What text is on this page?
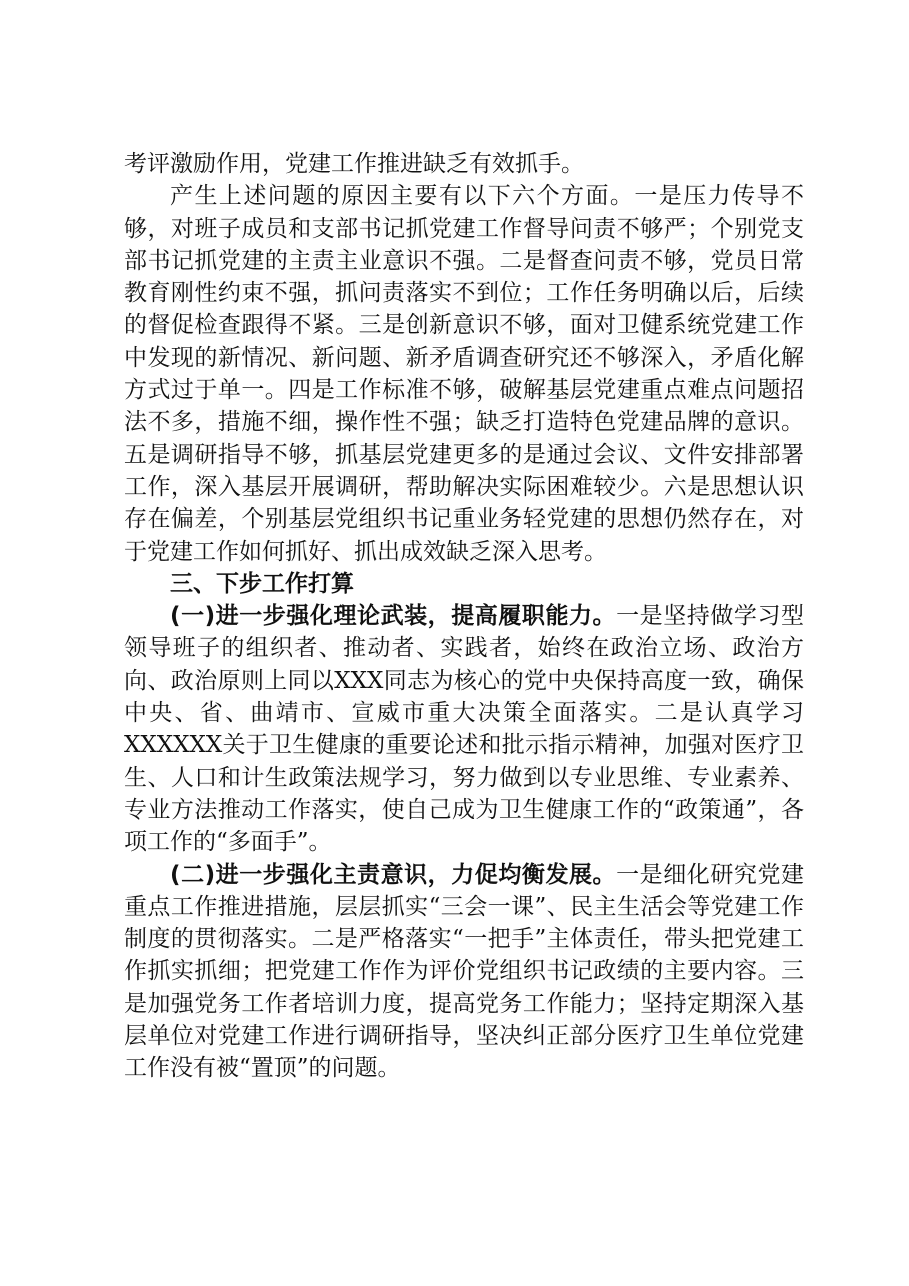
考评激励作用，党建工作推进缺乏有效抓手。

产生上述问题的原因主要有以下六个方面。一是压力传导不够，对班子成员和支部书记抓党建工作督导问责不够严；个别党支部书记抓党建的主责主业意识不强。二是督查问责不够，党员日常教育刚性约束不强，抓问责落实不到位；工作任务明确以后，后续的督促检查跟得不紧。三是创新意识不够，面对卫健系统党建工作中发现的新情况、新问题、新矛盾调查研究还不够深入，矛盾化解方式过于单一。四是工作标准不够，破解基层党建重点难点问题招法不多，措施不细，操作性不强；缺乏打造特色党建品牌的意识。五是调研指导不够，抓基层党建更多的是通过会议、文件安排部署工作，深入基层开展调研，帮助解决实际困难较少。六是思想认识存在偏差，个别基层党组织书记重业务轻党建的思想仍然存在，对于党建工作如何抓好、抓出成效缺乏深入思考。

三、下步工作打算

(一)进一步强化理论武装，提高履职能力。一是坚持做学习型领导班子的组织者、推动者、实践者，始终在政治立场、政治方向、政治原则上同以XXX同志为核心的党中央保持高度一致，确保中央、省、曲靖市、宣威市重大决策全面落实。二是认真学习XXXXXX关于卫生健康的重要论述和批示指示精神，加强对医疗卫生、人口和计生政策法规学习，努力做到以专业思维、专业素养、专业方法推动工作落实，使自己成为卫生健康工作的“政策通”，各项工作的“多面手”。

(二)进一步强化主责意识，力促均衡发展。一是细化研究党建重点工作推进措施，层层抓实“三会一课”、民主生活会等党建工作制度的贯彻落实。二是严格落实“一把手”主体责任，带头把党建工作抓实抓细；把党建工作作为评价党组织书记政绩的主要内容。三是加强党务工作者培训力度，提高党务工作能力；坚持定期深入基层单位对党建工作进行调研指导，坚决纠正部分医疗卫生单位党建工作没有被“置顶”的问题。
